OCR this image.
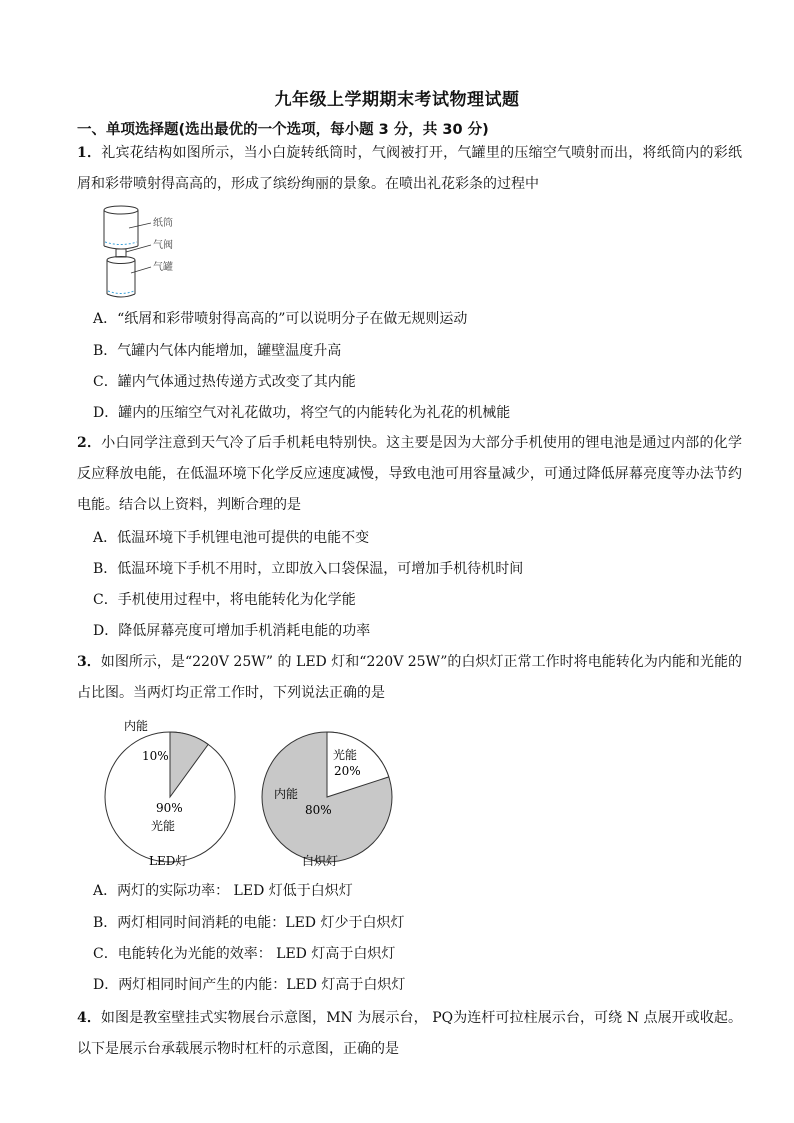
九年级上学期期末考试物理试题
一、单项选择题(选出最优的一个选项，每小题 3 分，共 30 分)
1．礼宾花结构如图所示，当小白旋转纸筒时，气阀被打开，气罐里的压缩空气喷射而出，将纸筒内的彩纸屑和彩带喷射得高高的，形成了缤纷绚丽的景象。在喷出礼花彩条的过程中
纸筒
气阀
气罐
A．“纸屑和彩带喷射得高高的”可以说明分子在做无规则运动
B．气罐内气体内能增加，罐壁温度升高
C．罐内气体通过热传递方式改变了其内能
D．罐内的压缩空气对礼花做功，将空气的内能转化为礼花的机械能
2．小白同学注意到天气冷了后手机耗电特别快。这主要是因为大部分手机使用的锂电池是通过内部的化学反应释放电能，在低温环境下化学反应速度减慢，导致电池可用容量减少，可通过降低屏幕亮度等办法节约电能。结合以上资料，判断合理的是
A．低温环境下手机锂电池可提供的电能不变
B．低温环境下手机不用时，立即放入口袋保温，可增加手机待机时间
C．手机使用过程中，将电能转化为化学能
D．降低屏幕亮度可增加手机消耗电能的功率
3．如图所示，是“220V 25W” 的 LED 灯和“220V 25W”的白炽灯正常工作时将电能转化为内能和光能的占比图。当两灯均正常工作时，下列说法正确的是
内能
10%
90%
光能
LED灯
光能
20%
内能
80%
白炽灯
A．两灯的实际功率： LED 灯低于白炽灯
B．两灯相同时间消耗的电能：LED 灯少于白炽灯
C．电能转化为光能的效率： LED 灯高于白炽灯
D．两灯相同时间产生的内能：LED 灯高于白炽灯
4．如图是教室壁挂式实物展台示意图，MN 为展示台， PQ为连杆可拉柱展示台，可绕 N 点展开或收起。以下是展示台承载展示物时杠杆的示意图，正确的是
